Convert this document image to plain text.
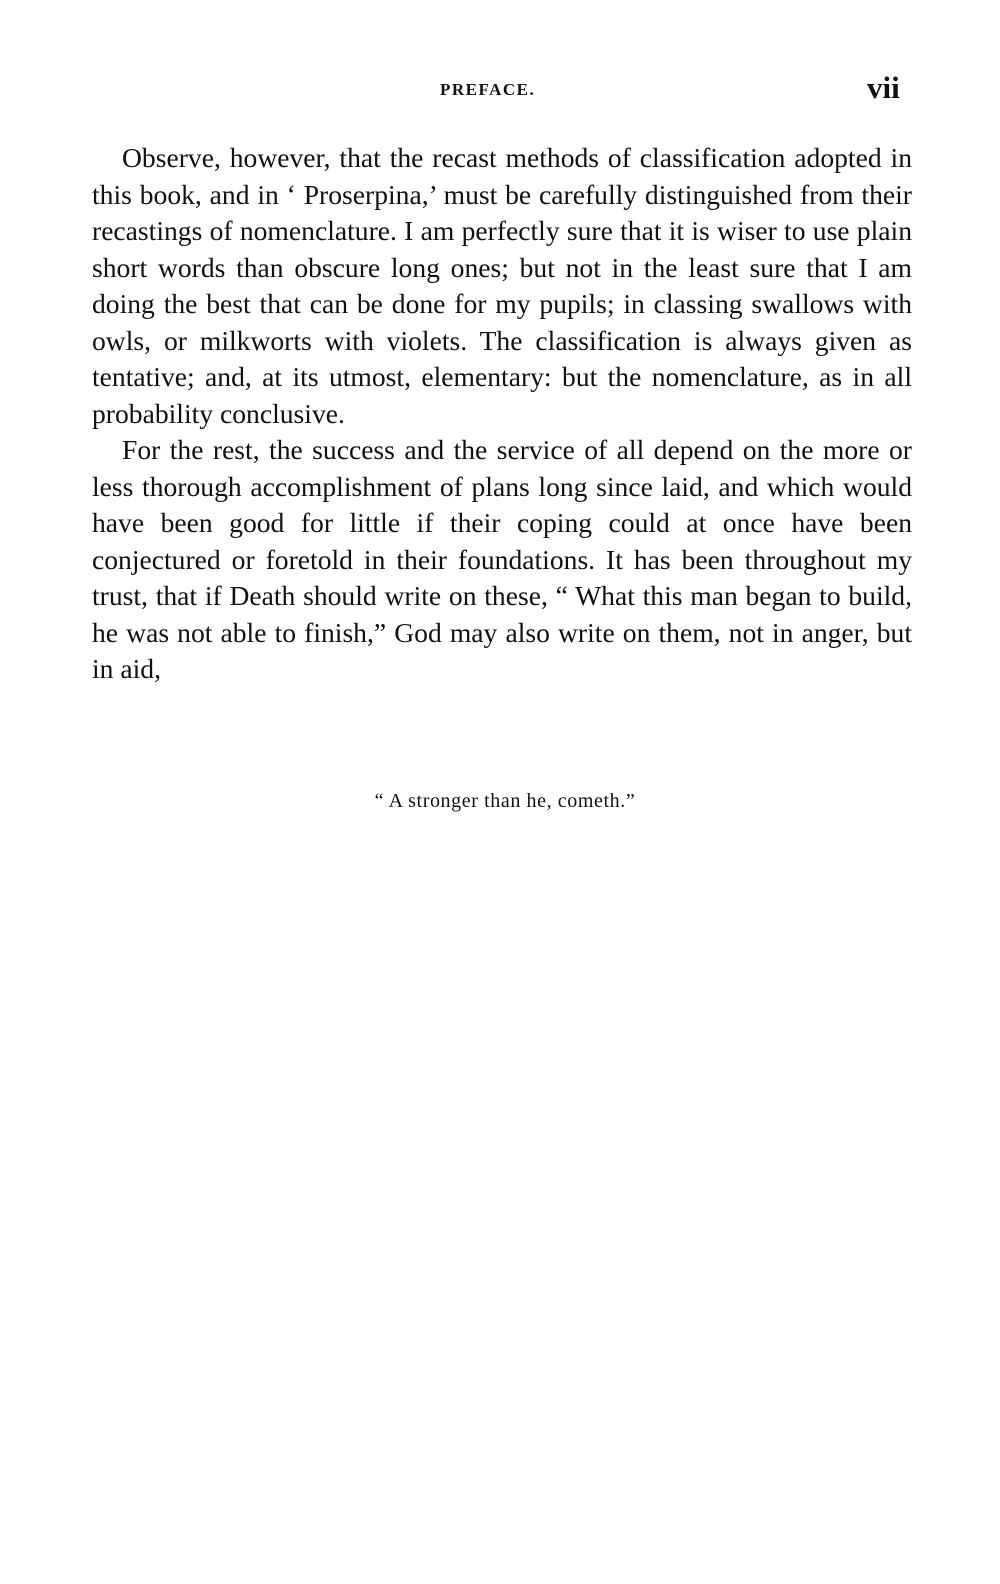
PREFACE.	vii

Observe, however, that the recast methods of classification adopted in this book, and in ‘ Proserpina,’ must be carefully distinguished from their recastings of nomenclature. I am perfectly sure that it is wiser to use plain short words than obscure long ones; but not in the least sure that I am doing the best that can be done for my pupils; in classing swallows with owls, or milkworts with violets. The classification is always given as tentative; and, at its utmost, elementary: but the nomenclature, as in all probability conclusive.

For the rest, the success and the service of all depend on the more or less thorough accomplishment of plans long since laid, and which would have been good for little if their coping could at once have been conjectured or foretold in their foundations. It has been throughout my trust, that if Death should write on these, “ What this man began to build, he was not able to finish,” God may also write on them, not in anger, but in aid,

“ A stronger than he, cometh.”
